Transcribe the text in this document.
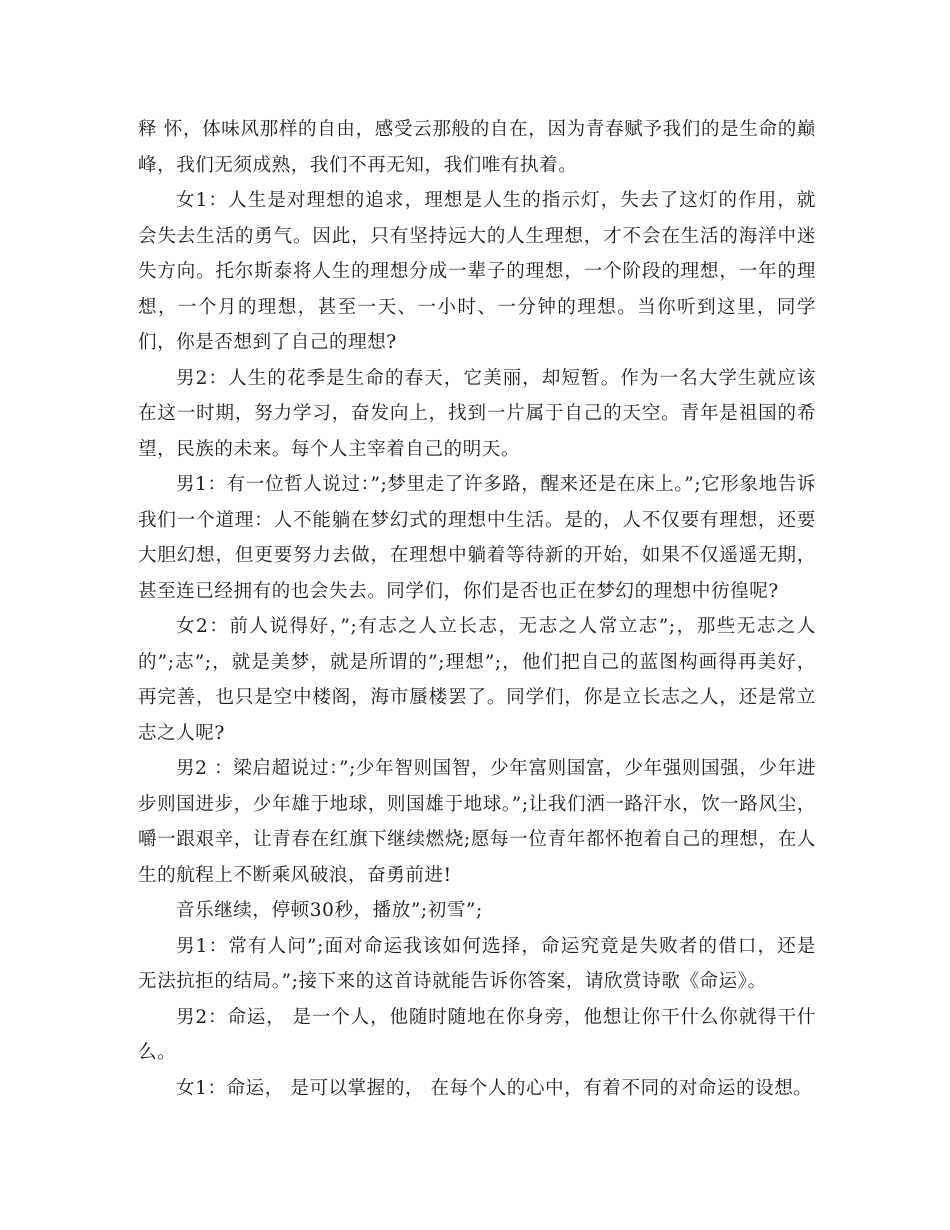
释 怀，体味风那样的自由，感受云那般的自在，因为青春赋予我们的是生命的巅峰，我们无须成熟，我们不再无知，我们唯有执着。

女1：人生是对理想的追求，理想是人生的指示灯，失去了这灯的作用，就会失去生活的勇气。因此，只有坚持远大的人生理想，才不会在生活的海洋中迷失方向。托尔斯泰将人生的理想分成一辈子的理想，一个阶段的理想，一年的理想，一个月的理想，甚至一天、一小时、一分钟的理想。当你听到这里，同学们，你是否想到了自己的理想?

男2：人生的花季是生命的春天，它美丽，却短暂。作为一名大学生就应该在这一时期，努力学习，奋发向上，找到一片属于自己的天空。青年是祖国的希望，民族的未来。每个人主宰着自己的明天。

男1：有一位哲人说过：”;梦里走了许多路，醒来还是在床上。”;它形象地告诉我们一个道理：人不能躺在梦幻式的理想中生活。是的，人不仅要有理想，还要大胆幻想，但更要努力去做，在理想中躺着等待新的开始，如果不仅遥遥无期，甚至连已经拥有的也会失去。同学们，你们是否也正在梦幻的理想中彷徨呢?

女2：前人说得好，”;有志之人立长志，无志之人常立志”;，那些无志之人的”;志”;，就是美梦，就是所谓的”;理想”;，他们把自己的蓝图构画得再美好，再完善，也只是空中楼阁，海市蜃楼罢了。同学们，你是立长志之人，还是常立志之人呢?

男2 ：梁启超说过：”;少年智则国智，少年富则国富，少年强则国强，少年进步则国进步，少年雄于地球，则国雄于地球。”;让我们洒一路汗水，饮一路风尘，嚼一跟艰辛，让青春在红旗下继续燃烧;愿每一位青年都怀抱着自己的理想，在人生的航程上不断乘风破浪，奋勇前进!

音乐继续，停顿30秒，播放”;初雪”;

男1：常有人问”;面对命运我该如何选择，命运究竟是失败者的借口，还是无法抗拒的结局。”;接下来的这首诗就能告诉你答案，请欣赏诗歌《命运》。

男2：命运， 是一个人，他随时随地在你身旁，他想让你干什么你就得干什么。

女1：命运， 是可以掌握的， 在每个人的心中，有着不同的对命运的设想。
